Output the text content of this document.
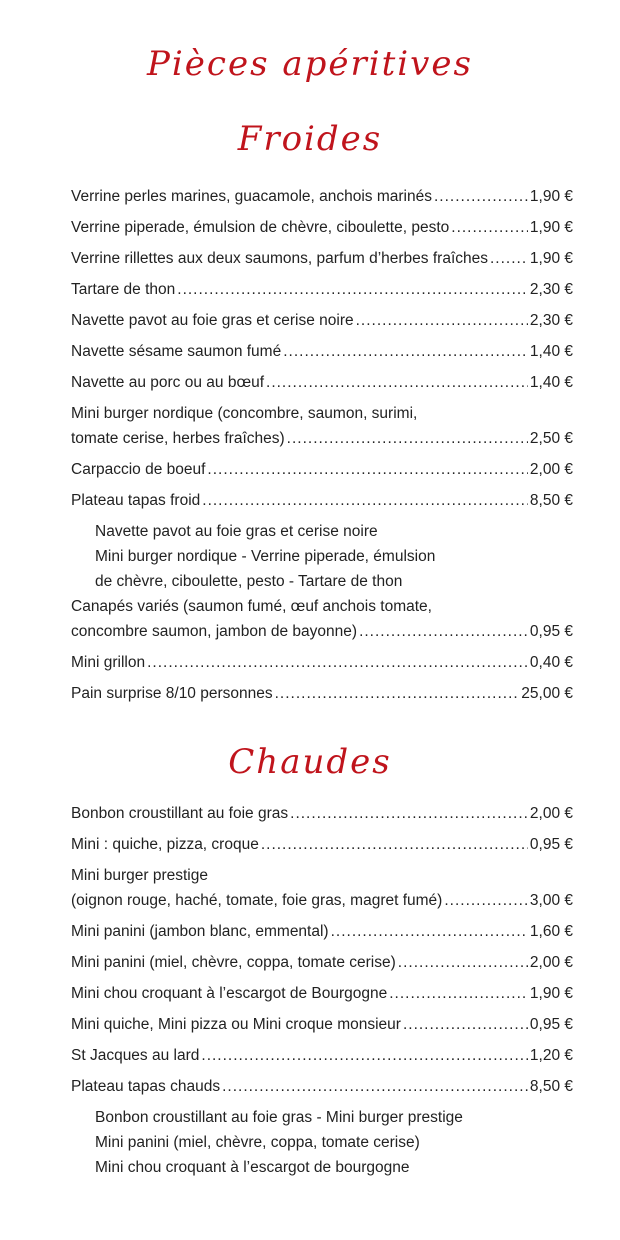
Pièces apéritives
Froides
Verrine perles marines, guacamole, anchois marinés .....	1,90 €
Verrine piperade, émulsion de chèvre, ciboulette, pesto .....	1,90 €
Verrine rillettes aux deux saumons, parfum d’herbes fraîches .....	1,90 €
Tartare de thon .....	2,30 €
Navette pavot au foie gras et cerise noire .....	2,30 €
Navette sésame saumon fumé .....	1,40 €
Navette au porc ou au bœuf .....	1,40 €
Mini burger nordique (concombre, saumon, surimi,
tomate cerise, herbes fraîches) .....	2,50 €
Carpaccio de boeuf .....	2,00 €
Plateau tapas froid .....	8,50 €
Navette pavot au foie gras et cerise noire
Mini burger nordique - Verrine piperade, émulsion
de chèvre, ciboulette, pesto - Tartare de thon
Canapés variés (saumon fumé, œuf anchois tomate,
concombre saumon, jambon de bayonne) .....	0,95 €
Mini grillon .....	0,40 €
Pain surprise 8/10 personnes .....	25,00 €
Chaudes
Bonbon croustillant au foie gras .....	2,00 €
Mini : quiche, pizza, croque .....	0,95 €
Mini burger prestige
(oignon rouge, haché, tomate, foie gras, magret fumé) .....	3,00 €
Mini panini (jambon blanc, emmental) .....	1,60 €
Mini panini (miel, chèvre, coppa, tomate cerise) .....	2,00 €
Mini chou croquant à l’escargot de Bourgogne .....	1,90 €
Mini quiche, Mini pizza ou Mini croque monsieur .....	0,95 €
St Jacques au lard .....	1,20 €
Plateau tapas chauds .....	8,50 €
Bonbon croustillant au foie gras - Mini burger prestige
Mini panini (miel, chèvre, coppa, tomate cerise)
Mini chou croquant à l’escargot de bourgogne
